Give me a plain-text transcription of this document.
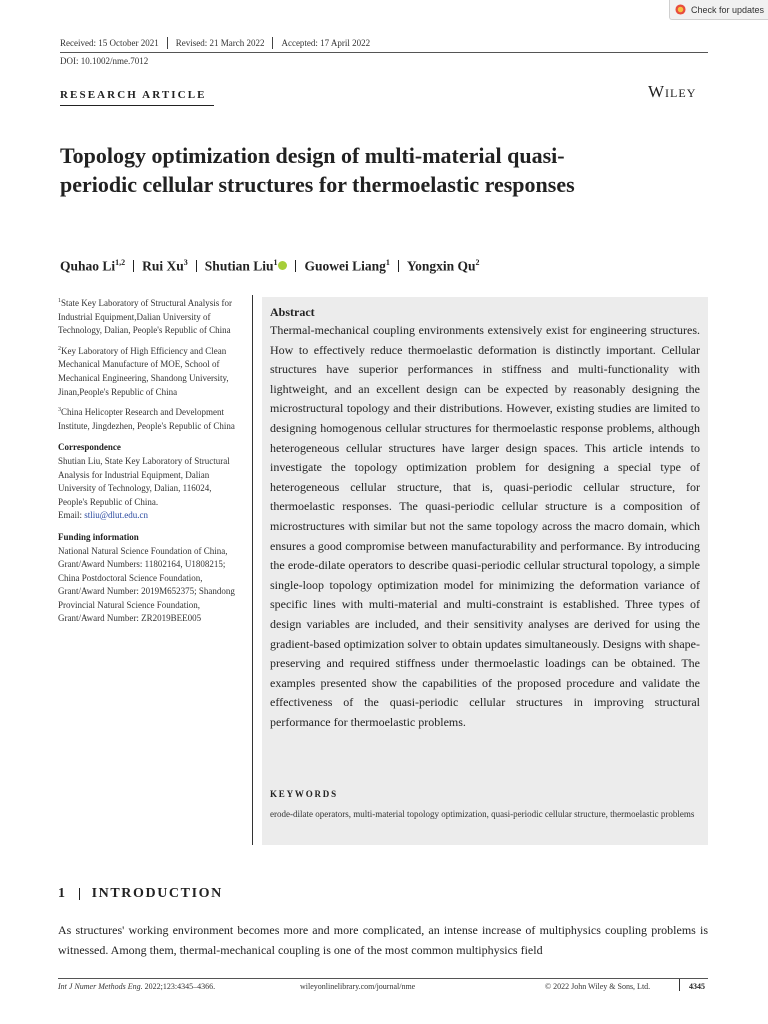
Check for updates
Received: 15 October 2021 Revised: 21 March 2022 Accepted: 17 April 2022
DOI: 10.1002/nme.7012
RESEARCH ARTICLE	Wiley
Topology optimization design of multi-material quasi-periodic cellular structures for thermoelastic responses
Quhao Li$^{1,2}$ Rui Xu$^3$ Shutian Liu$^1$	Guowei Liang$^1$ Yongxin Qu$^2$
$^1$State Key Laboratory of Structural Analysis for Industrial Equipment,Dalian University of Technology, Dalian, People's Republic of China
$^2$Key Laboratory of High Efficiency and Clean Mechanical Manufacture of MOE, School of Mechanical Engineering, Shandong University, Jinan,People's Republic of China
$^3$China Helicopter Research and Development Institute, Jingdezhen, People's Republic of China
Correspondence
Shutian Liu, State Key Laboratory of Structural Analysis for Industrial Equipment, Dalian University of Technology, Dalian, 116024, People's Republic of China.
Email: stliu@dlut.edu.cn
Funding information
National Natural Science Foundation of China, Grant/Award Numbers: 11802164, U1808215; China Postdoctoral Science Foundation, Grant/Award Number: 2019M652375; Shandong Provincial Natural Science Foundation, Grant/Award Number: ZR2019BEE005
Abstract
Thermal-mechanical coupling environments extensively exist for engineering structures. How to effectively reduce thermoelastic deformation is distinctly important. Cellular structures have superior performances in stiffness and multi-functionality with lightweight, and an excellent design can be expected by reasonably designing the microstructural topology and their distributions. However, existing studies are limited to designing homogenous cellular structures for thermoelastic response problems, although heterogeneous cellular structures have larger design spaces. This article intends to investigate the topology optimization problem for designing a special type of heterogeneous cellular structure, that is, quasi-periodic cellular structure, for thermoelastic responses. The quasi-periodic cellular structure is a composition of microstructures with similar but not the same topology across the macro domain, which ensures a good compromise between manufacturability and performance. By introducing the erode-dilate operators to describe quasi-periodic cellular structural topology, a simple single-loop topology optimization model for minimizing the deformation variance of specific lines with multi-material and multi-constraint is established. Three types of design variables are included, and their sensitivity analyses are derived for using the gradient-based optimization solver to obtain updates simultaneously. Designs with shape-preserving and required stiffness under thermoelastic loadings can be obtained. The examples presented show the capabilities of the proposed procedure and validate the effectiveness of the quasi-periodic cellular structures in improving structural performance for thermoelastic problems.
KEYWORDS
erode-dilate operators, multi-material topology optimization, quasi-periodic cellular structure, thermoelastic problems
1 INTRODUCTION
As structures' working environment becomes more and more complicated, an intense increase of multiphysics coupling problems is witnessed. Among them, thermal-mechanical coupling is one of the most common multiphysics field
Int J Numer Methods Eng. 2022;123:4345–4366.	wileyonlinelibrary.com/journal/nme	© 2022 John Wiley & Sons, Ltd.	4345
